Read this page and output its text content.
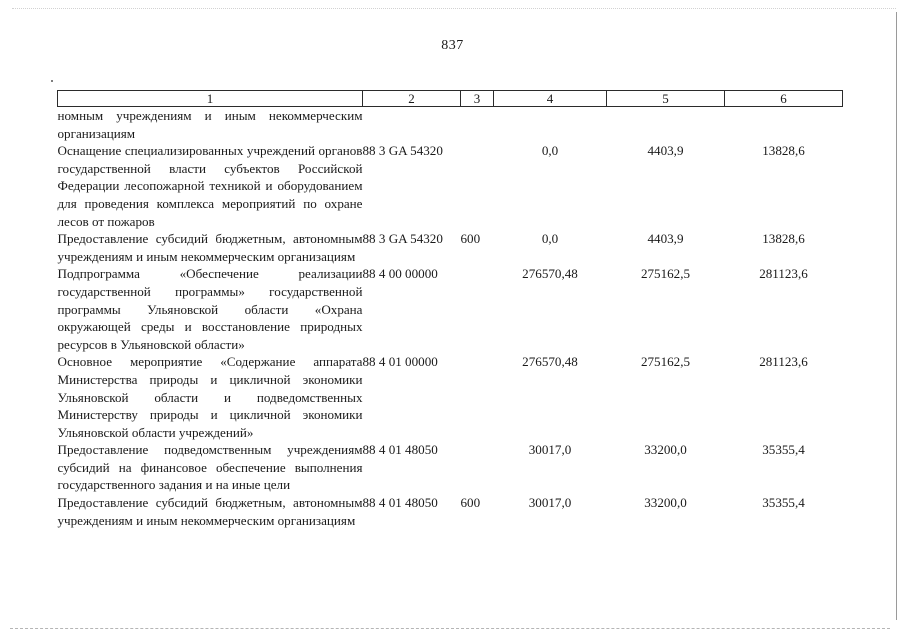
837
1	2	3	4	5	6
номным учреждениям и иным некоммерческим организациям					
Оснащение специализированных учреждений органов государственной власти субъектов Российской Федерации лесопожарной техникой и оборудованием для проведения комплекса мероприятий по охране лесов от пожаров	88 3 GA 54320		0,0	4403,9	13828,6
Предоставление субсидий бюджетным, автономным учреждениям и иным некоммерческим организациям	88 3 GA 54320	600	0,0	4403,9	13828,6
Подпрограмма «Обеспечение реализации государственной программы» государственной программы Ульяновской области «Охрана окружающей среды и восстановление природных ресурсов в Ульяновской области»	88 4 00 00000		276570,48	275162,5	281123,6
Основное мероприятие «Содержание аппарата Министерства природы и цикличной экономики Ульяновской области и подведомственных Министерству природы и цикличной экономики Ульяновской области учреждений»	88 4 01 00000		276570,48	275162,5	281123,6
Предоставление подведомственным учреждениям субсидий на финансовое обеспечение выполнения государственного задания и на иные цели	88 4 01 48050		30017,0	33200,0	35355,4
Предоставление субсидий бюджетным, автономным учреждениям и иным некоммерческим организациям	88 4 01 48050	600	30017,0	33200,0	35355,4
